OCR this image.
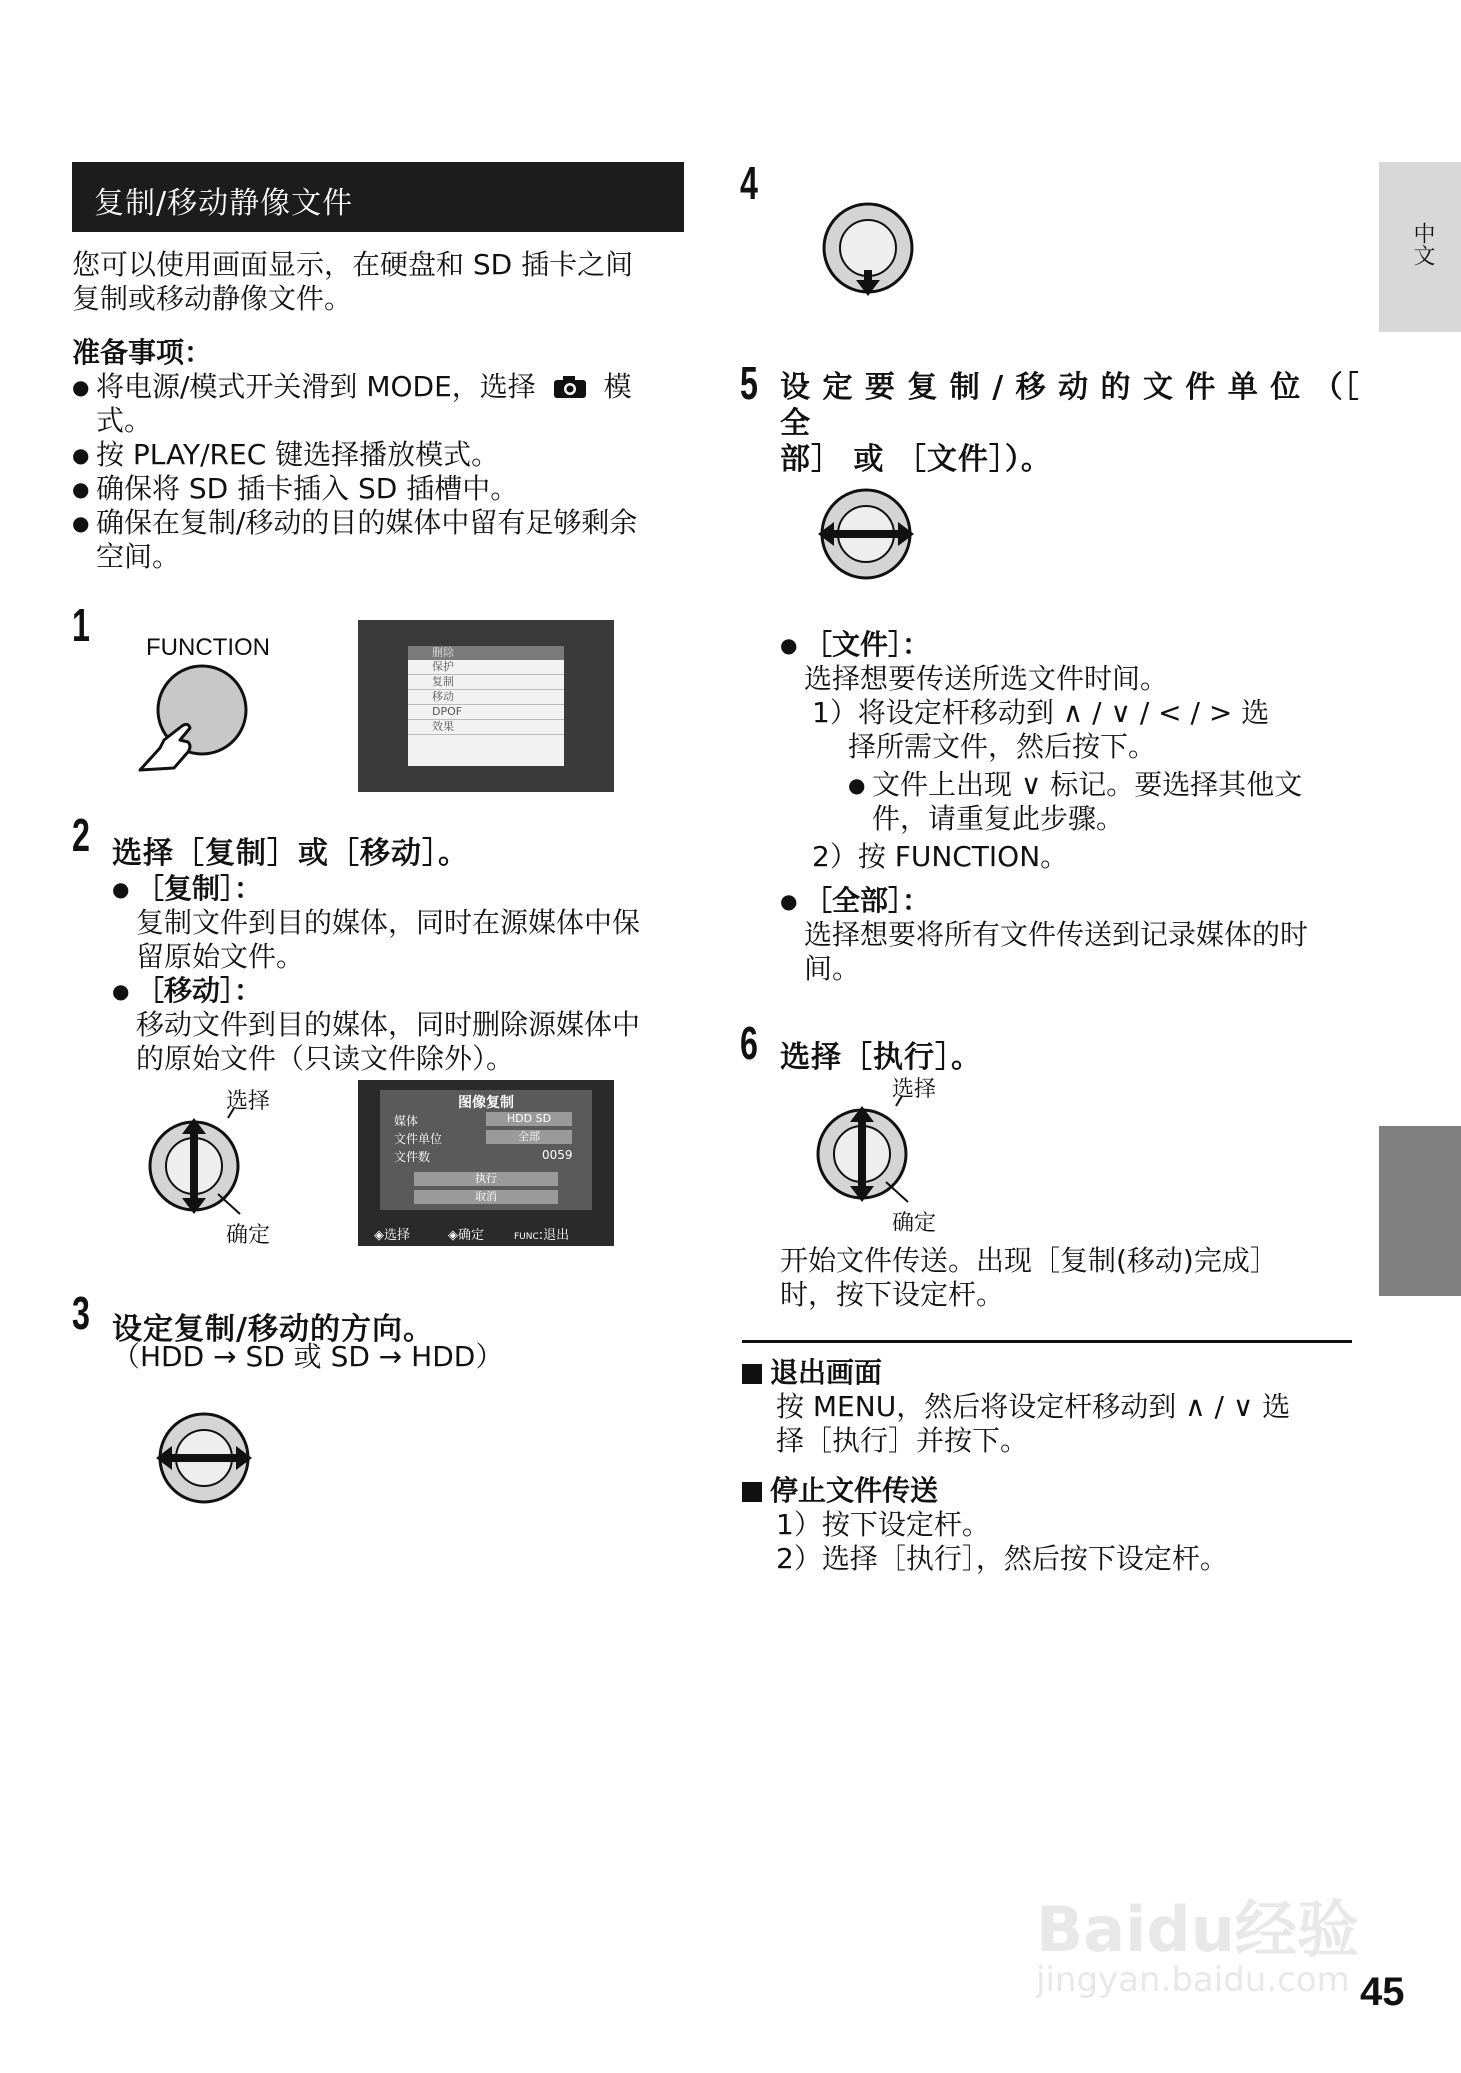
复制/移动静像文件
您可以使用画面显示，在硬盘和 SD 插卡之间
复制或移动静像文件。
准备事项：
● 将电源/模式开关滑到 MODE，选择 模
式。
● 按 PLAY/REC 键选择播放模式。
● 确保将 SD 插卡插入 SD 插槽中。
● 确保在复制/移动的目的媒体中留有足够剩余
空间。
1 FUNCTION	删除
保护
复制
移动
DPOF
效果
2 选择［复制］或［移动］。
● ［复制］：
复制文件到目的媒体，同时在源媒体中保
留原始文件。
● ［移动］：
移动文件到目的媒体，同时删除源媒体中
的原始文件（只读文件除外）。
选择
确定
图像复制
媒体	HDD SD
文件单位	全部
文件数	0059
执行
取消
◈选择	◈确定	FUNC:退出
3 设定复制/移动的方向。
（HDD → SD 或 SD → HDD）
4
5 设 定 要 复 制 / 移 动 的 文 件 单 位 （［ 全
部］ 或 ［文件］）。
● ［文件］：
选择想要传送所选文件时间。
1）将设定杆移动到 ∧ / ∨ / < / > 选
择所需文件，然后按下。
● 文件上出现 ∨ 标记。要选择其他文
件，请重复此步骤。
2）按 FUNCTION。
● ［全部］：
选择想要将所有文件传送到记录媒体的时
间。
6 选择［执行］。
选择
确定
开始文件传送。出现［复制(移动)完成］
时，按下设定杆。
退出画面
按 MENU，然后将设定杆移动到 ∧ / ∨ 选
择［执行］并按下。
停止文件传送
1）按下设定杆。
2）选择［执行］，然后按下设定杆。
中文
Baidu经验
jingyan.baidu.com 45
